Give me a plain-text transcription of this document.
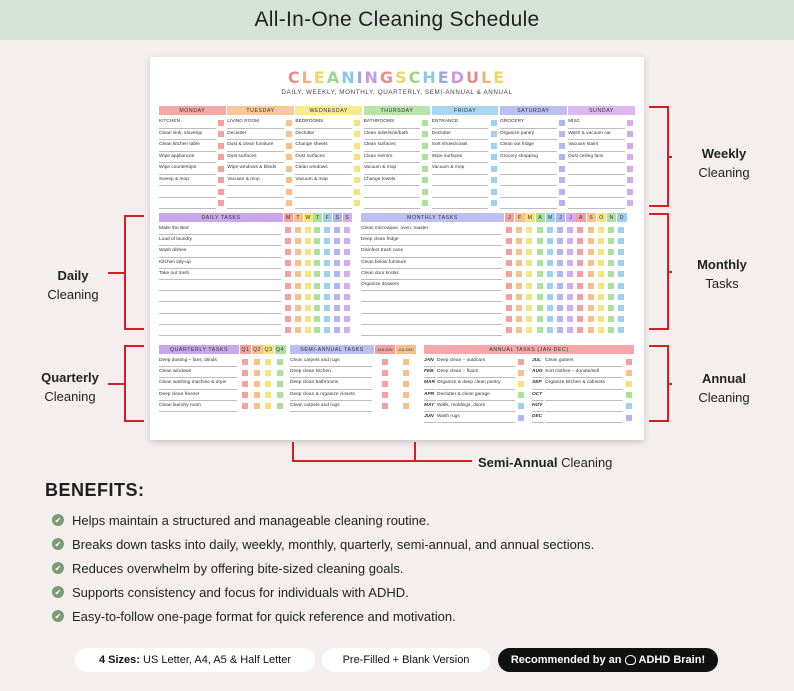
All-In-One Cleaning Schedule
CLEANINGSCHEDULE
DAILY, WEEKLY, MONTHLY, QUARTERLY, SEMI-ANNUAL & ANNUAL
MONDAY
KITCHEN
Clean sink, stovetop
Clean kitchen table
Wipe appliances
Wipe countertops
Sweep & mop
TUESDAY
LIVING ROOM
Declutter
Dust & clean furniture
Dust surfaces
Wipe windows & blinds
Vacuum & mop
WEDNESDAY
BEDROOMS
Declutter
Change sheets
Dust surfaces
Clean windows
Vacuum & mop
THURSDAY
BATHROOMS
Clean toilet/sink/bath
Clean surfaces
Clean mirrors
Vacuum & mop
Change towels
FRIDAY
ENTRANCE
Declutter
Sort shoes/coats
Wipe surfaces
Vacuum & mop
SATURDAY
GROCERY
Organize pantry
Clean out fridge
Grocery shopping
SUNDAY
MISC
Wash & vacuum car
Vacuum stairs
Dust ceiling fans
DAILY TASKS	M	T W T	F	S	S
Make the Bed
Load of laundry
Wash dishes
Kitchen tidy-up
Take out trash
MONTHLY TASKS	J	F	M	A	M	J	J	A	S	O	N	D
Clean microwave, oven, toaster
Deep clean fridge
Disinfect trash cans
Clean below furniture
Clean door knobs
Organize drawers
QUARTERLY TASKS	Q1 Q2 Q3 Q4
Deep dusting – fans, blinds
Clean windows
Clean washing machine & dryer
Deep clean freezer
Clean laundry room
SEMI-ANNUAL TASKS	JAN-JUN	JUL-DEC
Clean carpets and rugs
Deep clean kitchen
Deep clean bathrooms
Deep clean & organize closets
Clean carpets and rugs
ANNUAL TASKS (JAN-DEC)
JAN Deep clean – outdoors
FEB Deep clean – floors
MAR Organize & deep clean pantry
APR Declutter & clean garage
MAY Walls, moldings, doors
JUN Wash rugs
JUL Clean gutters
AUG Sort clothes – donate/sell
SEP Organize kitchen & cabinets
OCT
NOV
DEC
Weekly
Cleaning
Monthly
Tasks
Annual
Cleaning
Daily
Cleaning
Quarterly
Cleaning
Semi-Annual Cleaning
BENEFITS:
✔ Helps maintain a structured and manageable cleaning routine.
✔ Breaks down tasks into daily, weekly, monthly, quarterly, semi-annual, and annual sections.
✔ Reduces overwhelm by offering bite-sized cleaning goals.
✔ Supports consistency and focus for individuals with ADHD.
✔ Easy-to-follow one-page format for quick reference and motivation.
4 Sizes:
US Letter, A4, A5 & Half Letter	Pre-Filled + Blank Version	Recommended by an ADHD Brain!
